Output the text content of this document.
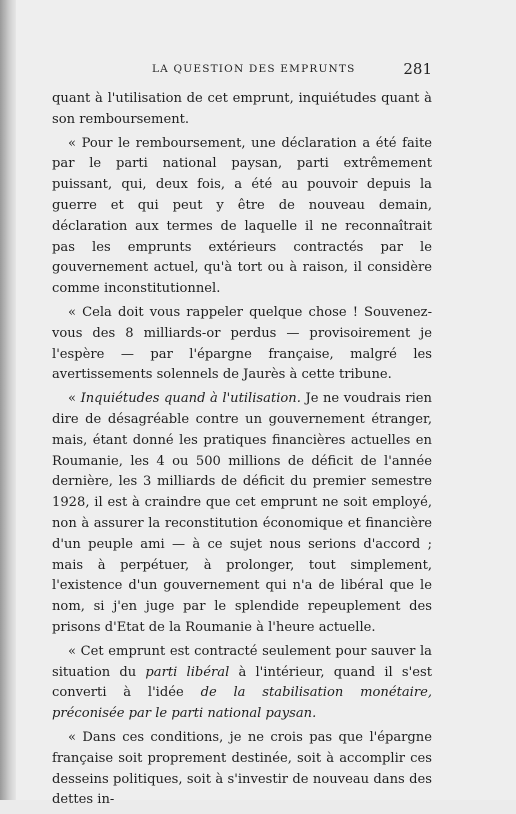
LA QUESTION DES EMPRUNTS	281

quant à l'utilisation de cet emprunt, inquiétudes quant à son remboursement.

« Pour le remboursement, une déclaration a été faite par le parti national paysan, parti extrêmement puissant, qui, deux fois, a été au pouvoir depuis la guerre et qui peut y être de nouveau demain, déclaration aux termes de laquelle il ne reconnaîtrait pas les emprunts extérieurs contractés par le gouvernement actuel, qu'à tort ou à raison, il considère comme inconstitutionnel.

« Cela doit vous rappeler quelque chose ! Souvenez-vous des 8 milliards-or perdus — provisoirement je l'espère — par l'épargne française, malgré les avertissements solennels de Jaurès à cette tribune.

« Inquiétudes quand à l'utilisation. Je ne voudrais rien dire de désagréable contre un gouvernement étranger, mais, étant donné les pratiques financières actuelles en Roumanie, les 4 ou 500 millions de déficit de l'année dernière, les 3 milliards de déficit du premier semestre 1928, il est à craindre que cet emprunt ne soit employé, non à assurer la reconstitution économique et financière d'un peuple ami — à ce sujet nous serions d'accord ; mais à perpétuer, à prolonger, tout simplement, l'existence d'un gouvernement qui n'a de libéral que le nom, si j'en juge par le splendide repeuplement des prisons d'Etat de la Roumanie à l'heure actuelle.

« Cet emprunt est contracté seulement pour sauver la situation du parti libéral à l'intérieur, quand il s'est converti à l'idée de la stabilisation monétaire, préconisée par le parti national paysan.

« Dans ces conditions, je ne crois pas que l'épargne française soit proprement destinée, soit à accomplir ces desseins politiques, soit à s'investir de nouveau dans des dettes in-
